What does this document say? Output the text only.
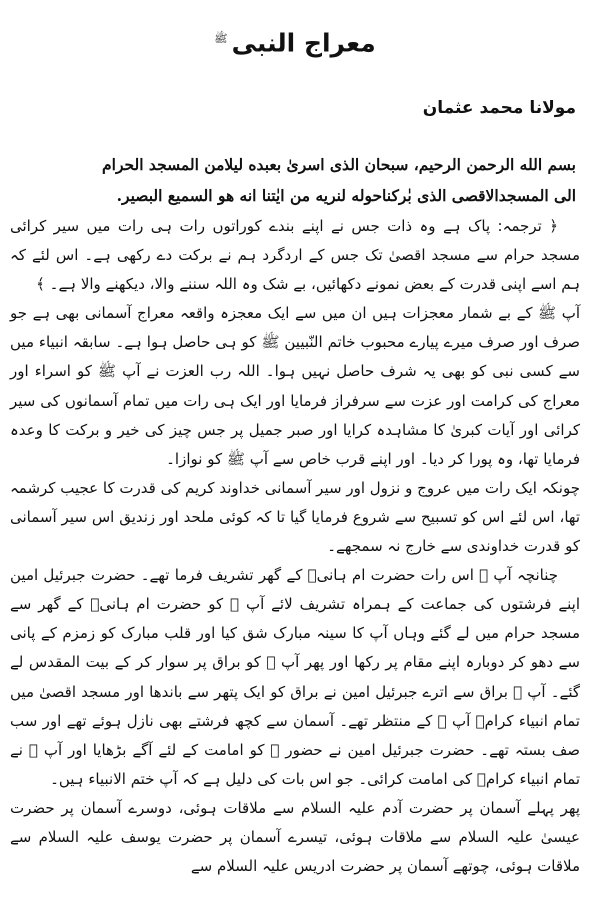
معراج النبی$^ﷺ$
مولانا محمد عثمان
بسم الله الرحمن الرحيم، سبحان الذی اسریٰ بعبده ليلامن المسجد الحرام
الی المسجدالاقصی الذی بٰرکناحوله لنريه من ايٰتنا انه هو السميع البصير.

﴿ ترجمہ: پاک ہے وہ ذات جس نے اپنے بندے کوراتوں رات ہی رات میں سیر کرائی مسجد حرام سے مسجد اقصیٰ تک جس کے اردگرد ہم نے برکت دے رکھی ہے۔ اس لئے کہ ہم اسے اپنی قدرت کے بعض نمونے دکھائیں، بے شک وہ اللہ سننے والا، دیکھنے والا ہے۔ ﴾

آپ ﷺ کے بے شمار معجزات ہیں ان میں سے ایک معجزہ واقعہ معراج آسمانی بھی ہے جو صرف اور صرف میرے پیارے محبوب خاتم النّبیین ﷺ کو ہی حاصل ہوا ہے۔ سابقہ انبیاء میں سے کسی نبی کو بھی یہ شرف حاصل نہیں ہوا۔ اللہ رب العزت نے آپ ﷺ کو اسراء اور معراج کی کرامت اور عزت سے سرفراز فرمایا اور ایک ہی رات میں تمام آسمانوں کی سیر کرائی اور آیات کبریٰ کا مشاہدہ کرایا اور صبر جمیل پر جس چیز کی خیر و برکت کا وعدہ فرمایا تھا، وہ پورا کر دیا۔ اور اپنے قرب خاص سے آپ ﷺ کو نوازا۔

چونکہ ایک رات میں عروج و نزول اور سیر آسمانی خداوند کریم کی قدرت کا عجیب کرشمہ تھا، اس لئے اس کو تسبیح سے شروع فرمایا گیا تا کہ کوئی ملحد اور زندیق اس سیر آسمانی کو قدرت خداوندی سے خارج نہ سمجھے۔

چنانچہ آپ ﷺ اس رات حضرت ام ہانیؓ کے گھر تشریف فرما تھے۔ حضرت جبرئیل امین اپنے فرشتوں کی جماعت کے ہمراہ تشریف لائے آپ ﷺ کو حضرت ام ہانیؓ کے گھر سے مسجد حرام میں لے گئے وہاں آپ کا سینہ مبارک شق کیا اور قلب مبارک کو زمزم کے پانی سے دھو کر دوبارہ اپنے مقام پر رکھا اور پھر آپ ﷺ کو براق پر سوار کر کے بیت المقدس لے گئے۔ آپ ﷺ براق سے اترے جبرئیل امین نے براق کو ایک پتھر سے باندھا اور مسجد اقصیٰ میں تمام انبیاء کرامؑ آپ ﷺ کے منتظر تھے۔ آسمان سے کچھ فرشتے بھی نازل ہوئے تھے اور سب صف بستہ تھے۔ حضرت جبرئیل امین نے حضور ﷺ کو امامت کے لئے آگے بڑھایا اور آپ ﷺ نے تمام انبیاء کرامؑ کی امامت کرائی۔ جو اس بات کی دلیل ہے کہ آپ ختم الانبیاء ہیں۔

پھر پہلے آسمان پر حضرت آدم علیہ السلام سے ملاقات ہوئی، دوسرے آسمان پر حضرت عیسیٰ علیہ السلام سے ملاقات ہوئی، تیسرے آسمان پر حضرت یوسف علیہ السلام سے ملاقات ہوئی، چوتھے آسمان پر حضرت ادریس علیہ السلام سے
